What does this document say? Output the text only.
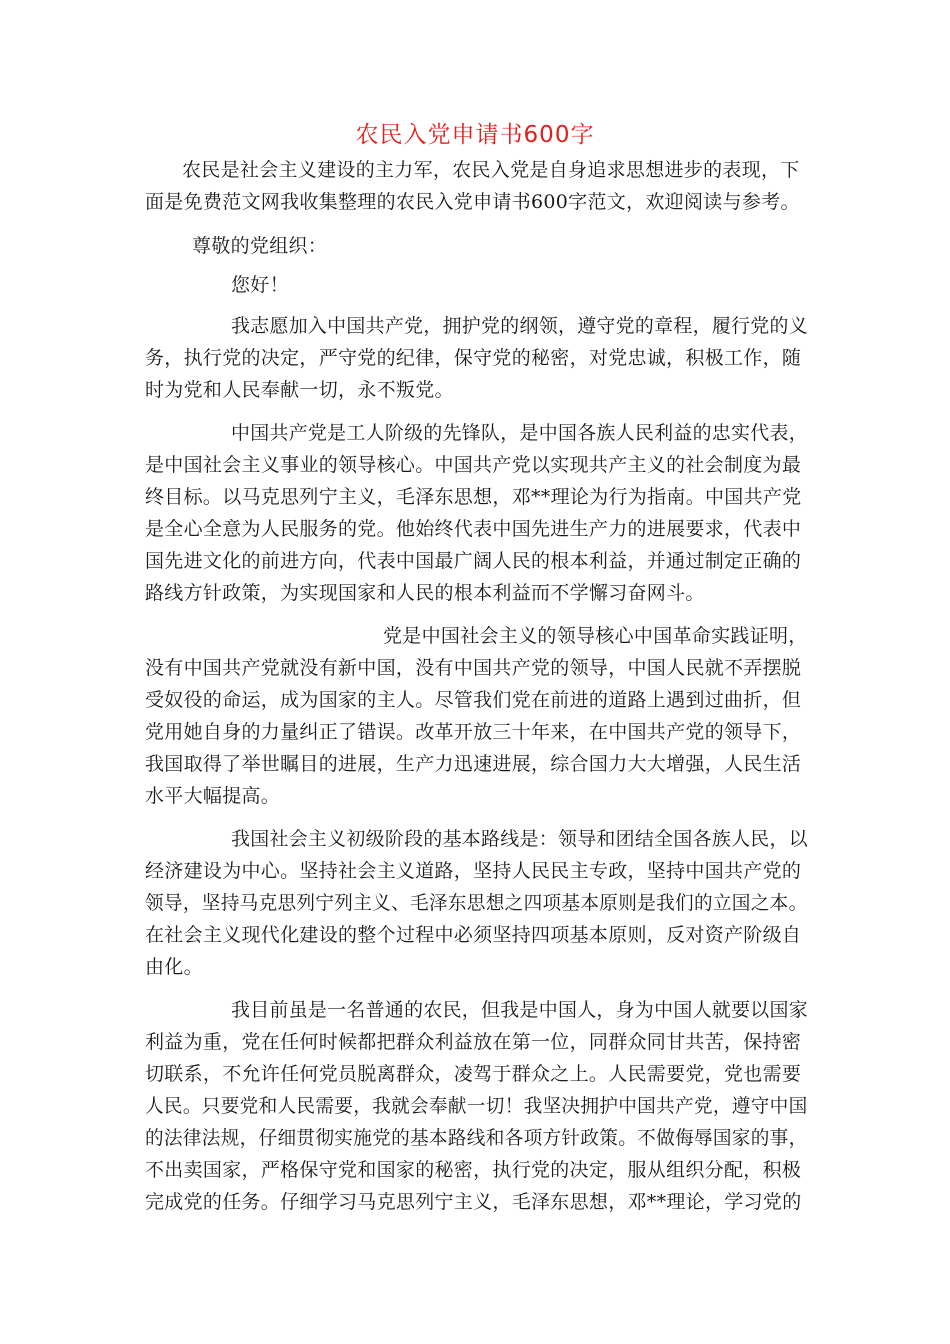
农民入党申请书600字
农民是社会主义建设的主力军，农民入党是自身追求思想进步的表现，下
面是免费范文网我收集整理的农民入党申请书600字范文，欢迎阅读与参考。
尊敬的党组织：
您好！
我志愿加入中国共产党，拥护党的纲领，遵守党的章程，履行党的义
务，执行党的决定，严守党的纪律，保守党的秘密，对党忠诚，积极工作，随
时为党和人民奉献一切，永不叛党。
中国共产党是工人阶级的先锋队，是中国各族人民利益的忠实代表，
是中国社会主义事业的领导核心。中国共产党以实现共产主义的社会制度为最
终目标。以马克思列宁主义，毛泽东思想，邓**理论为行为指南。中国共产党
是全心全意为人民服务的党。他始终代表中国先进生产力的进展要求，代表中
国先进文化的前进方向，代表中国最广阔人民的根本利益，并通过制定正确的
路线方针政策，为实现国家和人民的根本利益而不学懈习奋网斗。
党是中国社会主义的领导核心中国革命实践证明，
没有中国共产党就没有新中国，没有中国共产党的领导，中国人民就不弄摆脱
受奴役的命运，成为国家的主人。尽管我们党在前进的道路上遇到过曲折，但
党用她自身的力量纠正了错误。改革开放三十年来，在中国共产党的领导下，
我国取得了举世瞩目的进展，生产力迅速进展，综合国力大大增强，人民生活
水平大幅提高。
我国社会主义初级阶段的基本路线是：领导和团结全国各族人民，以
经济建设为中心。坚持社会主义道路，坚持人民民主专政，坚持中国共产党的
领导，坚持马克思列宁列主义、毛泽东思想之四项基本原则是我们的立国之本。
在社会主义现代化建设的整个过程中必须坚持四项基本原则，反对资产阶级自
由化。
我目前虽是一名普通的农民，但我是中国人，身为中国人就要以国家
利益为重，党在任何时候都把群众利益放在第一位，同群众同甘共苦，保持密
切联系，不允许任何党员脱离群众，凌驾于群众之上。人民需要党，党也需要
人民。只要党和人民需要，我就会奉献一切！我坚决拥护中国共产党，遵守中国
的法律法规，仔细贯彻实施党的基本路线和各项方针政策。不做侮辱国家的事，
不出卖国家，严格保守党和国家的秘密，执行党的决定，服从组织分配，积极
完成党的任务。仔细学习马克思列宁主义，毛泽东思想，邓**理论，学习党的
